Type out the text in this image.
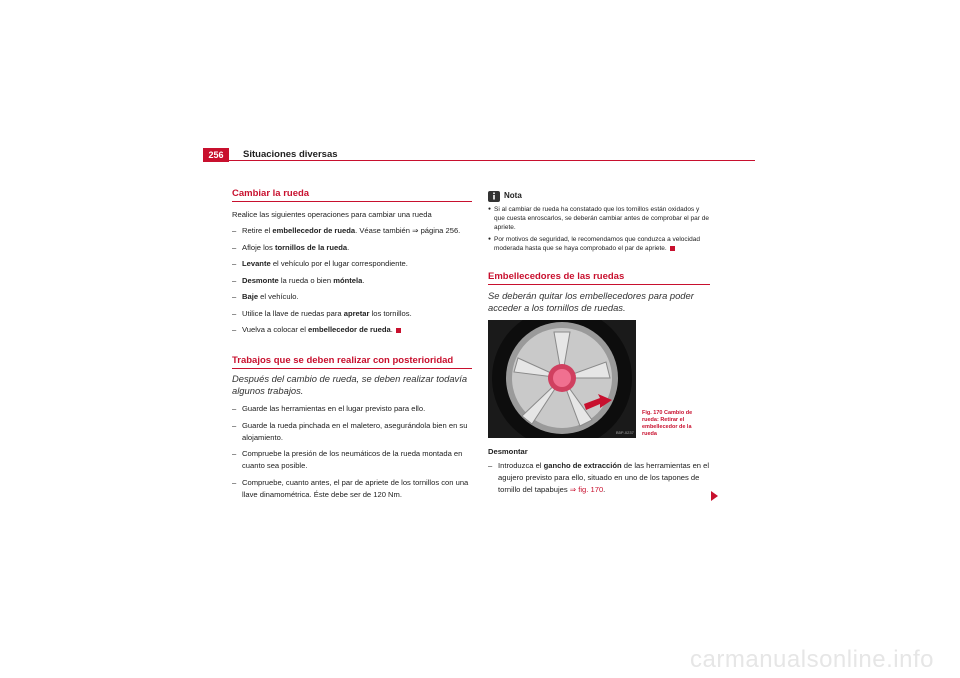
256	Situaciones diversas
Cambiar la rueda

Realice las siguientes operaciones para cambiar una rueda

– Retire el embellecedor de rueda. Véase también ⇒ página 256.
– Afloje los tornillos de la rueda.
– Levante el vehículo por el lugar correspondiente.
– Desmonte la rueda o bien móntela.
– Baje el vehículo.
– Utilice la llave de ruedas para apretar los tornillos.
– Vuelva a colocar el embellecedor de rueda.
Trabajos que se deben realizar con posterioridad

Después del cambio de rueda, se deben realizar todavía algunos trabajos.

– Guarde las herramientas en el lugar previsto para ello.
– Guarde la rueda pinchada en el maletero, asegurándola bien en su alojamiento.
– Compruebe la presión de los neumáticos de la rueda montada en cuanto sea posible.
– Compruebe, cuanto antes, el par de apriete de los tornillos con una llave dinamométrica. Éste debe ser de 120 Nm.
Nota
● Si al cambiar de rueda ha constatado que los tornillos están oxidados y que cuesta enroscarlos, se deberán cambiar antes de comprobar el par de apriete.
● Por motivos de seguridad, le recomendamos que conduzca a velocidad moderada hasta que se haya comprobado el par de apriete.
Embellecedores de las ruedas

Se deberán quitar los embellecedores para poder acceder a los tornillos de ruedas.

B5P-0237
Fig. 170 Cambio de rueda: Retirar el embellecedor de la rueda

Desmontar

– Introduzca el gancho de extracción de las herramientas en el agujero previsto para ello, situado en uno de los tapones de tornillo del tapabujes ⇒ fig. 170.
carmanualsonline.info
